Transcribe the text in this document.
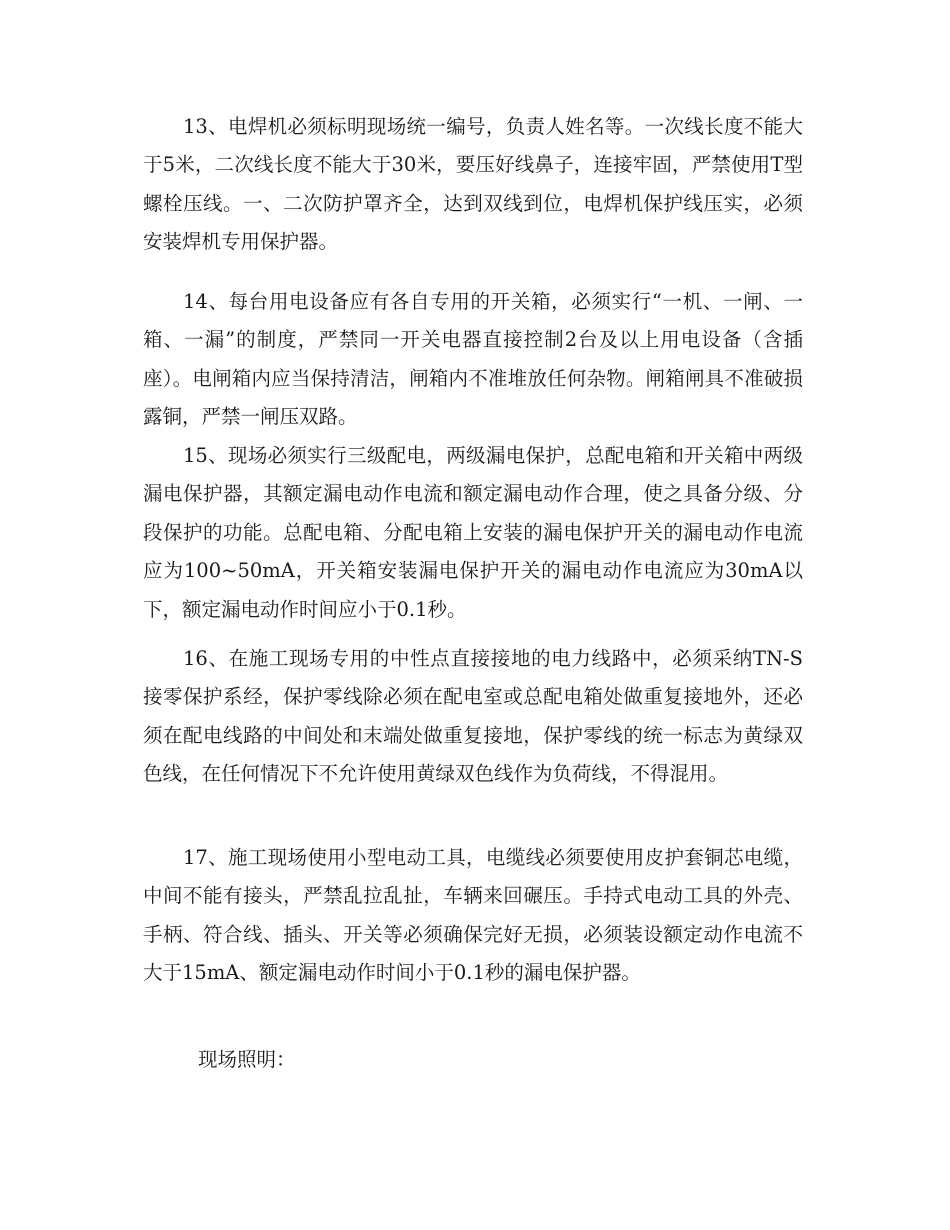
13、电焊机必须标明现场统一编号，负责人姓名等。一次线长度不能大于5米，二次线长度不能大于30米，要压好线鼻子，连接牢固，严禁使用T型螺栓压线。一、二次防护罩齐全，达到双线到位，电焊机保护线压实，必须安装焊机专用保护器。

14、每台用电设备应有各自专用的开关箱，必须实行“一机、一闸、一箱、一漏”的制度，严禁同一开关电器直接控制2台及以上用电设备（含插座）。电闸箱内应当保持清洁，闸箱内不准堆放任何杂物。闸箱闸具不准破损露铜，严禁一闸压双路。

15、现场必须实行三级配电，两级漏电保护，总配电箱和开关箱中两级漏电保护器，其额定漏电动作电流和额定漏电动作合理，使之具备分级、分段保护的功能。总配电箱、分配电箱上安装的漏电保护开关的漏电动作电流应为100~50mA，开关箱安装漏电保护开关的漏电动作电流应为30mA以下，额定漏电动作时间应小于0.1秒。

16、在施工现场专用的中性点直接接地的电力线路中，必须采纳TN-S接零保护系经，保护零线除必须在配电室或总配电箱处做重复接地外，还必须在配电线路的中间处和末端处做重复接地，保护零线的统一标志为黄绿双色线，在任何情况下不允许使用黄绿双色线作为负荷线，不得混用。

17、施工现场使用小型电动工具，电缆线必须要使用皮护套铜芯电缆，中间不能有接头，严禁乱拉乱扯，车辆来回碾压。手持式电动工具的外壳、手柄、符合线、插头、开关等必须确保完好无损，必须装设额定动作电流不大于15mA、额定漏电动作时间小于0.1秒的漏电保护器。

现场照明：
